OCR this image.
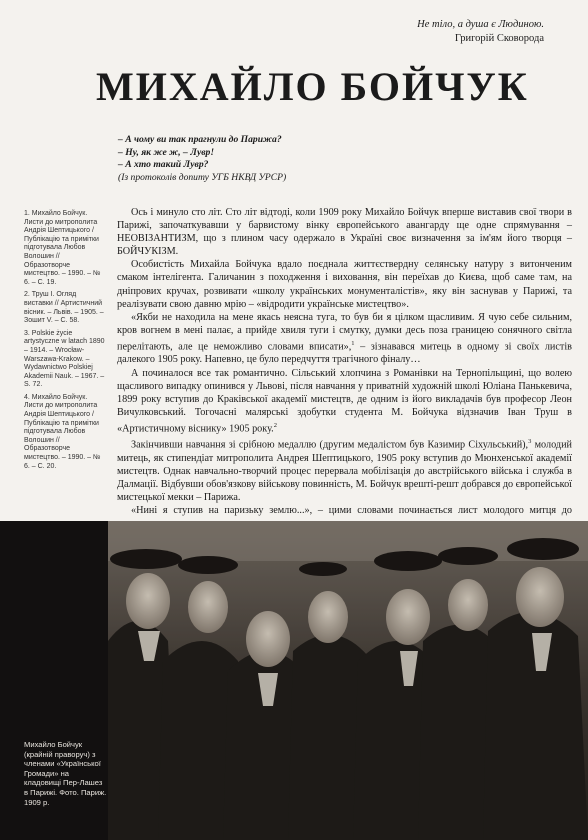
Не тіло, а душа є Людиною.
Григорій Сковорода
МИХАЙЛО БОЙЧУК
– А чому ви так прагнули до Парижа?
– Ну, як же ж, – Лувр!
– А хто такий Лувр?
(Із протоколів допиту УГБ НКВД УРСР)
1. Михайло Бойчук. Листи до митрополита Андрія Шептицького / Публікацію та примітки підготувала Любов Волошин // Образотворче мистецтво. – 1990. – № 6. – С. 19.
2. Труш І. Огляд виставки // Артистичний вісник. – Львів. – 1905. – Зошит V. – С. 58.
3. Polskie życie artystyczne w latach 1890 – 1914. – Wrocław-Warszawa-Krakow. – Wydawnictwo Polskiej Akademii Nauk. – 1967. – S. 72.
4. Михайло Бойчук. Листи до митрополита Андрія Шептицького / Публікацію та примітки підготувала Любов Волошин // Образотворче мистецтво. – 1990. – № 6. – С. 20.

Ось і минуло сто літ. Сто літ відтоді, коли 1909 року Михайло Бойчук вперше виставив свої твори в Парижі, започаткувавши у барвистому вінку європейського авангарду ще одне спрямування – НЕОВІЗАНТИЗМ, що з плином часу одержало в Україні своє визначення за ім'ям його творця – БОЙЧУКІЗМ.

Особистість Михайла Бойчука вдало поєднала життєстверднy селянську натуру з витонченим смаком інтелігента. Галичанин з походження і виховання, він переїхав до Києва, щоб саме там, на дніпрових кручах, розвивати «школу українських монументалістів», яку він заснував у Парижі, та реалізувати свою давню мрію – «відродити українське мистецтво».

«Якби не находила на мене якась неясна туга, то був би я цілком щасливим. Я чую себе сильним, кров вогнем в мені палає, а прийде хвиля туги і смутку, думки десь поза границею сонячного світла перелітають, але це неможливо словами вписати»,$^1$ – зізнавався митець в одному зі своїх листів далекого 1905 року. Напевно, це було передчуття трагічного фіналу…

А починалося все так романтично. Сільський хлопчина з Романівки на Тернопільщині, що волею щасливого випадку опинився у Львові, після навчання у приватній художній школі Юліана Панькевича, 1899 року вступив до Краківської академії мистецтв, де одним із його викладачів був професор Леон Вичулковський. Тогочасні малярські здобутки студента М. Бойчука відзначив Іван Труш в «Артистичному віснику» 1905 року.$^2$

Закінчивши навчання зі срібною медаллю (другим медалістом був Казимир Сіхульський),$^3$ молодий митець, як стипендіат митрополита Андрея Шептицького, 1905 року вступив до Мюнхенської академії мистецтв. Однак навчально-творчий процес перервала мобілізація до австрійського війська і служба в Далмації. Відбувши обов'язкову військову повинність, М. Бойчук врешті-решт добрався до європейської мистецької мекки – Парижа.

«Нині я ступив на паризьку землю...», – цими словами починається лист молодого митця до

Михайло Бойчук (крайній праворуч) з членами «Української Громади» на кладовищі Пер-Лашез в Парижі. Фото. Париж. 1909 р.
